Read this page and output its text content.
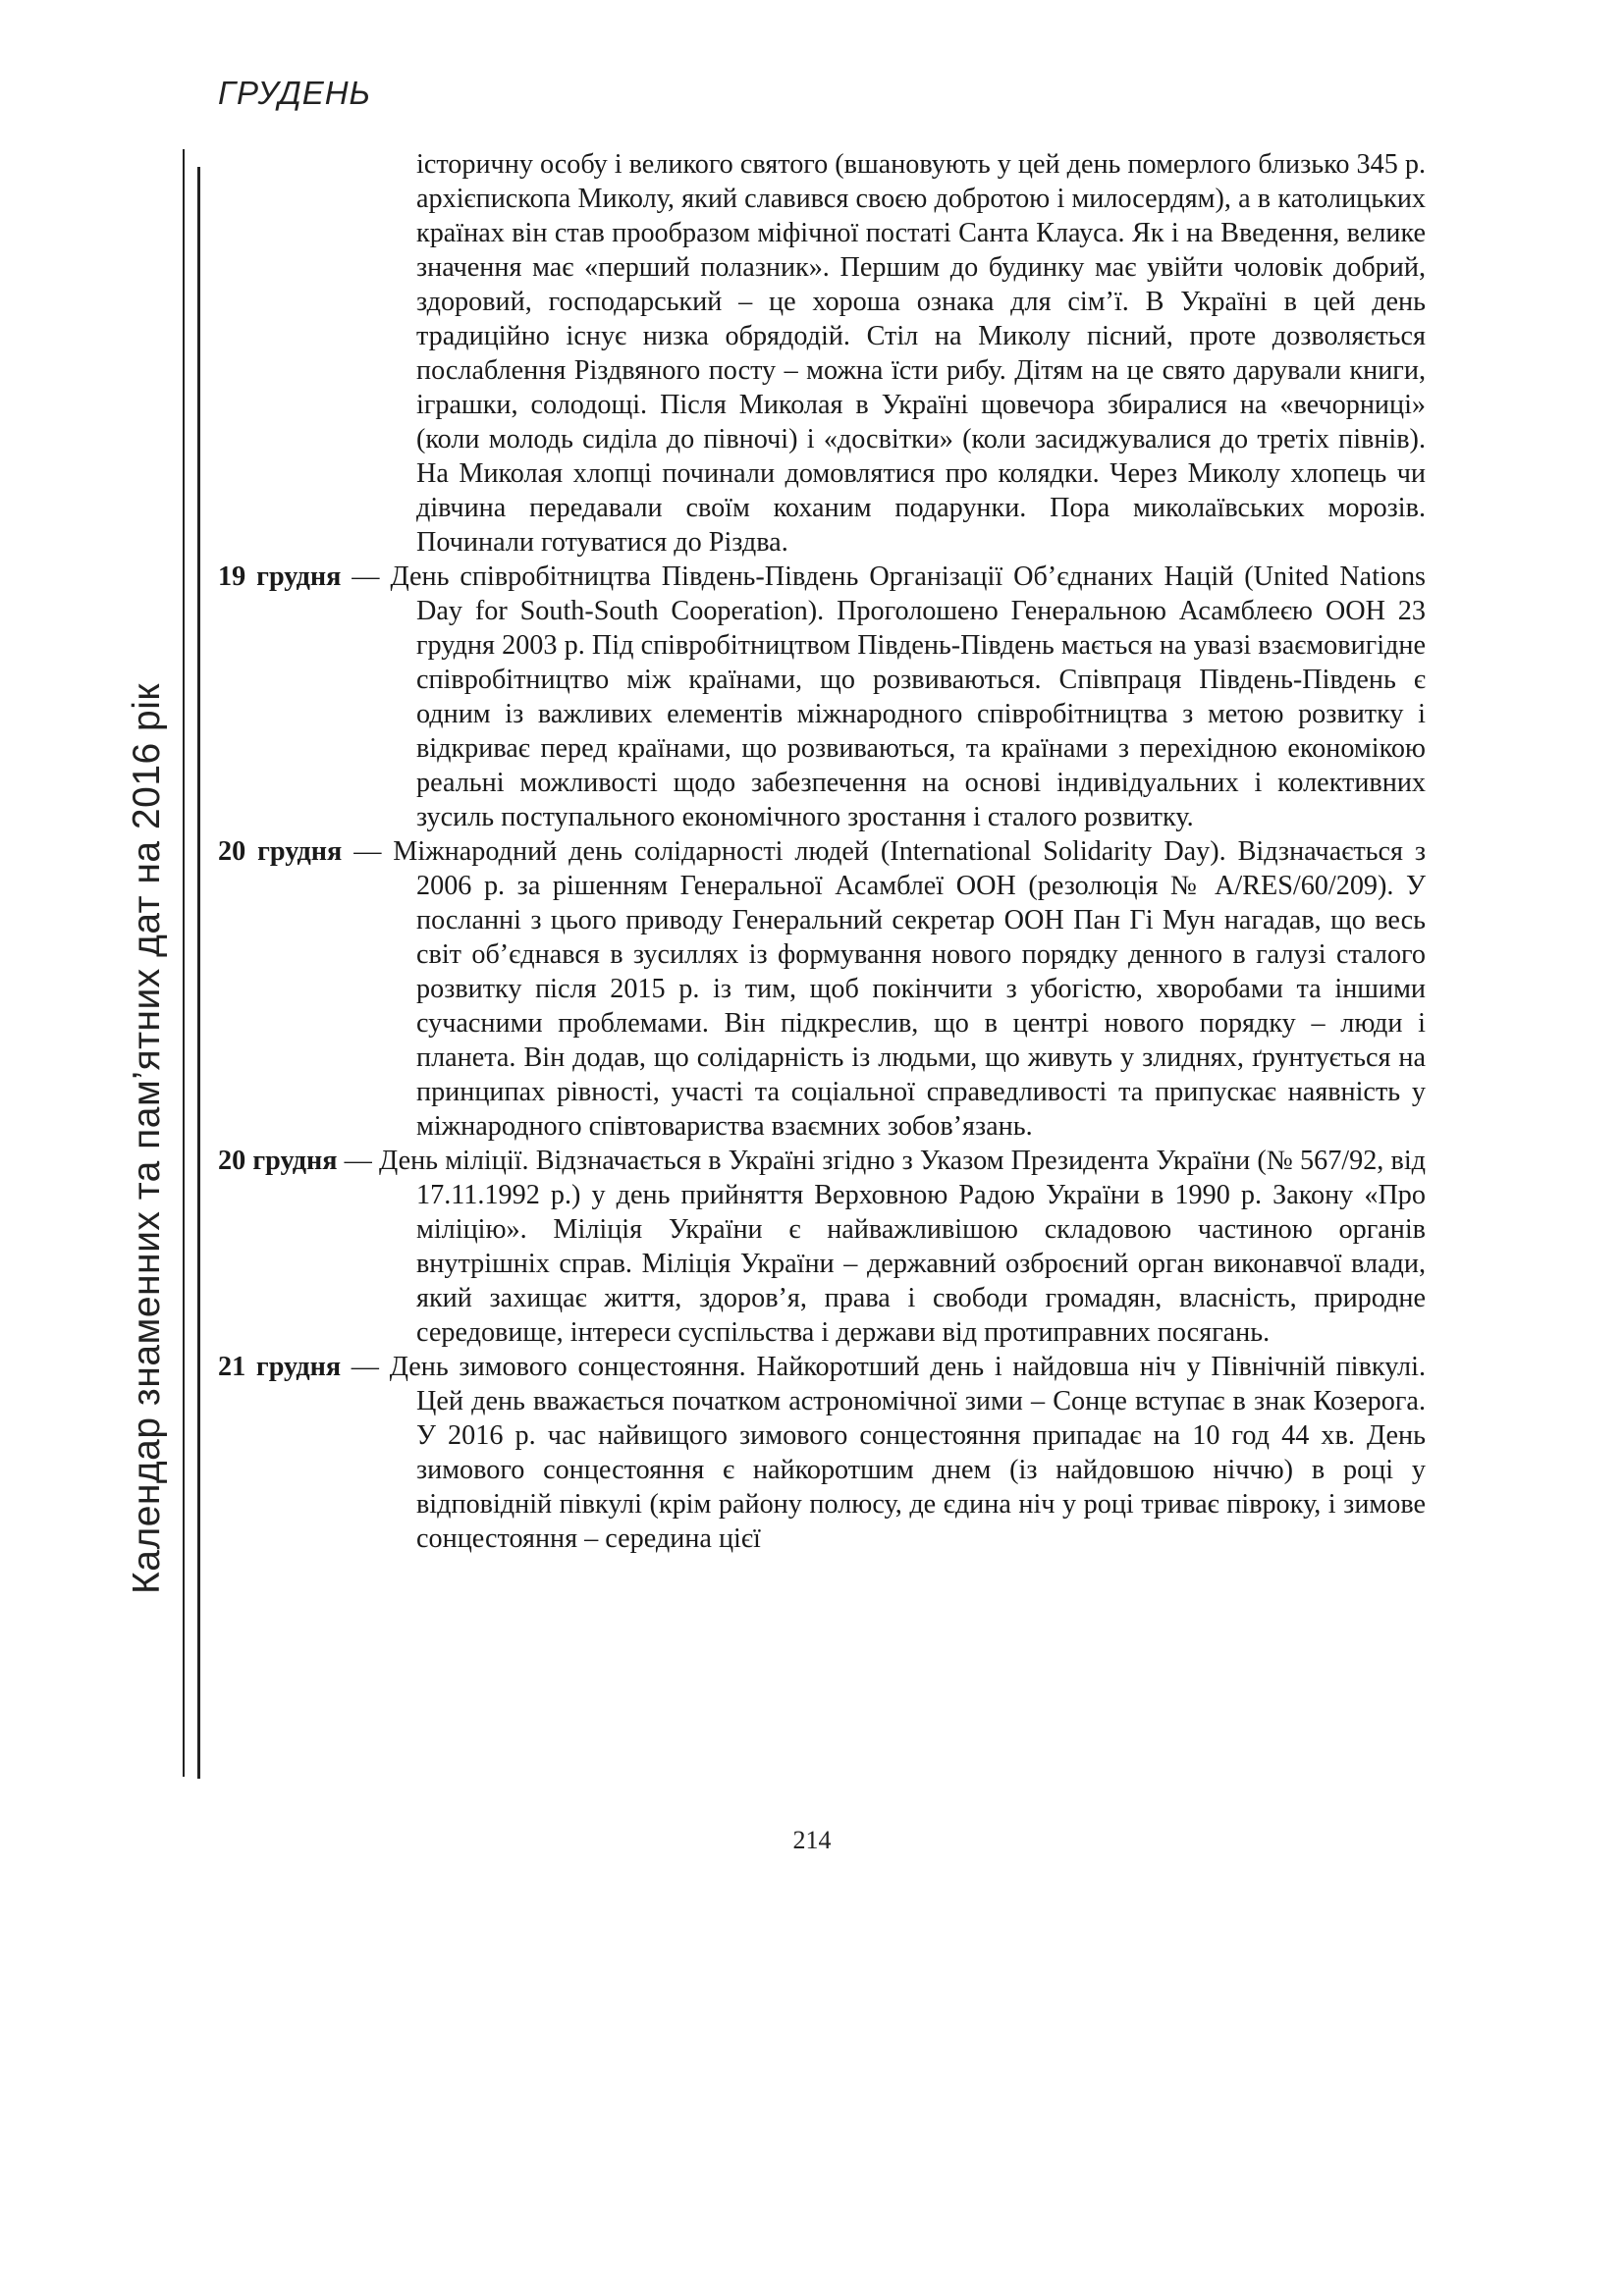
ГРУДЕНЬ
Календар знаменних та пам’ятних дат на 2016 рік

історичну особу і великого святого (вшановують у цей день померлого близько 345 р. архієпископа Миколу, який славився своєю добротою і милосердям), а в католицьких країнах він став прообразом міфічної постаті Санта Клауса. Як і на Введення, велике значення має «перший полазник». Першим до будинку має увійти чоловік добрий, здоровий, господарський – це хороша ознака для сім’ї. В Україні в цей день традиційно існує низка обрядодій. Стіл на Миколу пісний, проте дозволяється послаблення Різдвяного посту – можна їсти рибу. Дітям на це свято дарували книги, іграшки, солодощі. Після Миколая в Україні щовечора збиралися на «вечорниці» (коли молодь сиділа до півночі) і «досвітки» (коли засиджувалися до третіх півнів). На Миколая хлопці починали домовлятися про колядки. Через Миколу хлопець чи дівчина передавали своїм коханим подарунки. Пора миколаївських морозів. Починали готуватися до Різдва.

19 грудня — День співробітництва Південь-Південь Організації Об’єднаних Націй (United Nations Day for South-South Cooperation). Проголошено Генеральною Асамблеєю ООН 23 грудня 2003 р. Під співробітництвом Південь-Південь мається на увазі взаємовигідне співробітництво між країнами, що розвиваються. Співпраця Південь-Південь є одним із важливих елементів міжнародного співробітництва з метою розвитку і відкриває перед країнами, що розвиваються, та країнами з перехідною економікою реальні можливості щодо забезпечення на основі індивідуальних і колективних зусиль поступального економічного зростання і сталого розвитку.

20 грудня — Міжнародний день солідарності людей (International Solidarity Day). Відзначається з 2006 р. за рішенням Генеральної Асамблеї ООН (резолюція № A/RES/60/209). У посланні з цього приводу Генеральний секретар ООН Пан Гі Мун нагадав, що весь світ об’єднався в зусиллях із формування нового порядку денного в галузі сталого розвитку після 2015 р. із тим, щоб покінчити з убогістю, хворобами та іншими сучасними проблемами. Він підкреслив, що в центрі нового порядку – люди і планета. Він додав, що солідарність із людьми, що живуть у злиднях, ґрунтується на принципах рівності, участі та соціальної справедливості та припускає наявність у міжнародного співтовариства взаємних зобов’язань.

20 грудня — День міліції. Відзначається в Україні згідно з Указом Президента України (№ 567/92, від 17.11.1992 р.) у день прийняття Верховною Радою України в 1990 р. Закону «Про міліцію». Міліція України є найважливішою складовою частиною органів внутрішніх справ. Міліція України – державний озброєний орган виконавчої влади, який захищає життя, здоров’я, права і свободи громадян, власність, природне середовище, інтереси суспільства і держави від протиправних посягань.

21 грудня — День зимового сонцестояння. Найкоротший день і найдовша ніч у Північній півкулі. Цей день вважається початком астрономічної зими – Сонце вступає в знак Козерога. У 2016 р. час найвищого зимового сонцестояння припадає на 10 год 44 хв. День зимового сонцестояння є найкоротшим днем (із найдовшою ніччю) в році у відповідній півкулі (крім району полюсу, де єдина ніч у році триває півроку, і зимове сонцестояння – середина цієї

214
